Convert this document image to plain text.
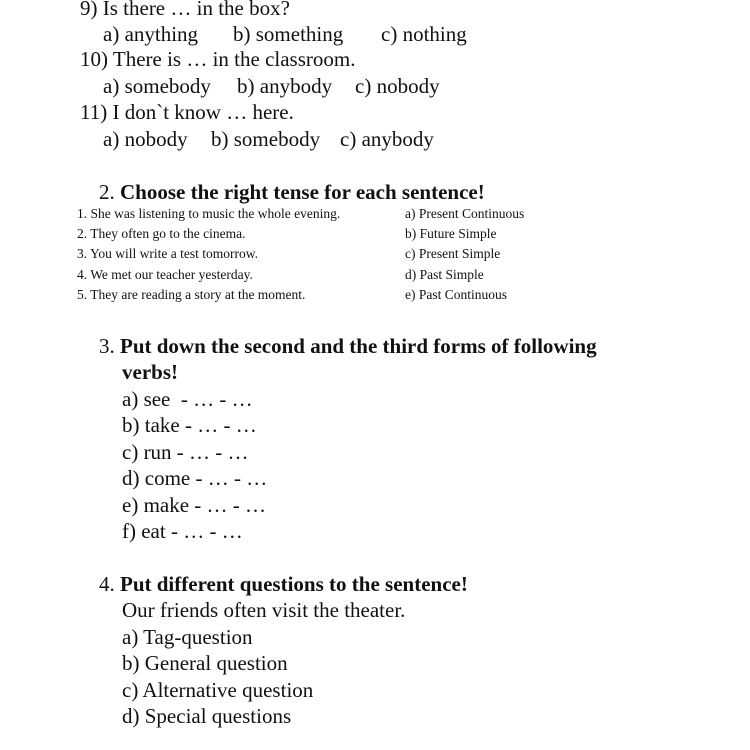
9) Is there … in the box?
a) anything b) something c) nothing
10) There is … in the classroom.
a) somebody b) anybody c) nobody
11) I don`t know … here.
a) nobody b) somebody c) anybody
2. Choose the right tense for each sentence!
1. She was listening to music the whole evening.
2. They often go to the cinema.
3. You will write a test tomorrow.
4. We met our teacher yesterday.
5. They are reading a story at the moment.
a) Present Continuous
b) Future Simple
c) Present Simple
d) Past Simple
e) Past Continuous
3. Put down the second and the third forms of following
verbs!
a) see  - … - …
b) take - … - …
c) run - … - …
d) come - … - …
e) make - … - …
f) eat - … - …
4. Put different questions to the sentence!
Our friends often visit the theater.
a) Tag-question
b) General question
c) Alternative question
d) Special questions
